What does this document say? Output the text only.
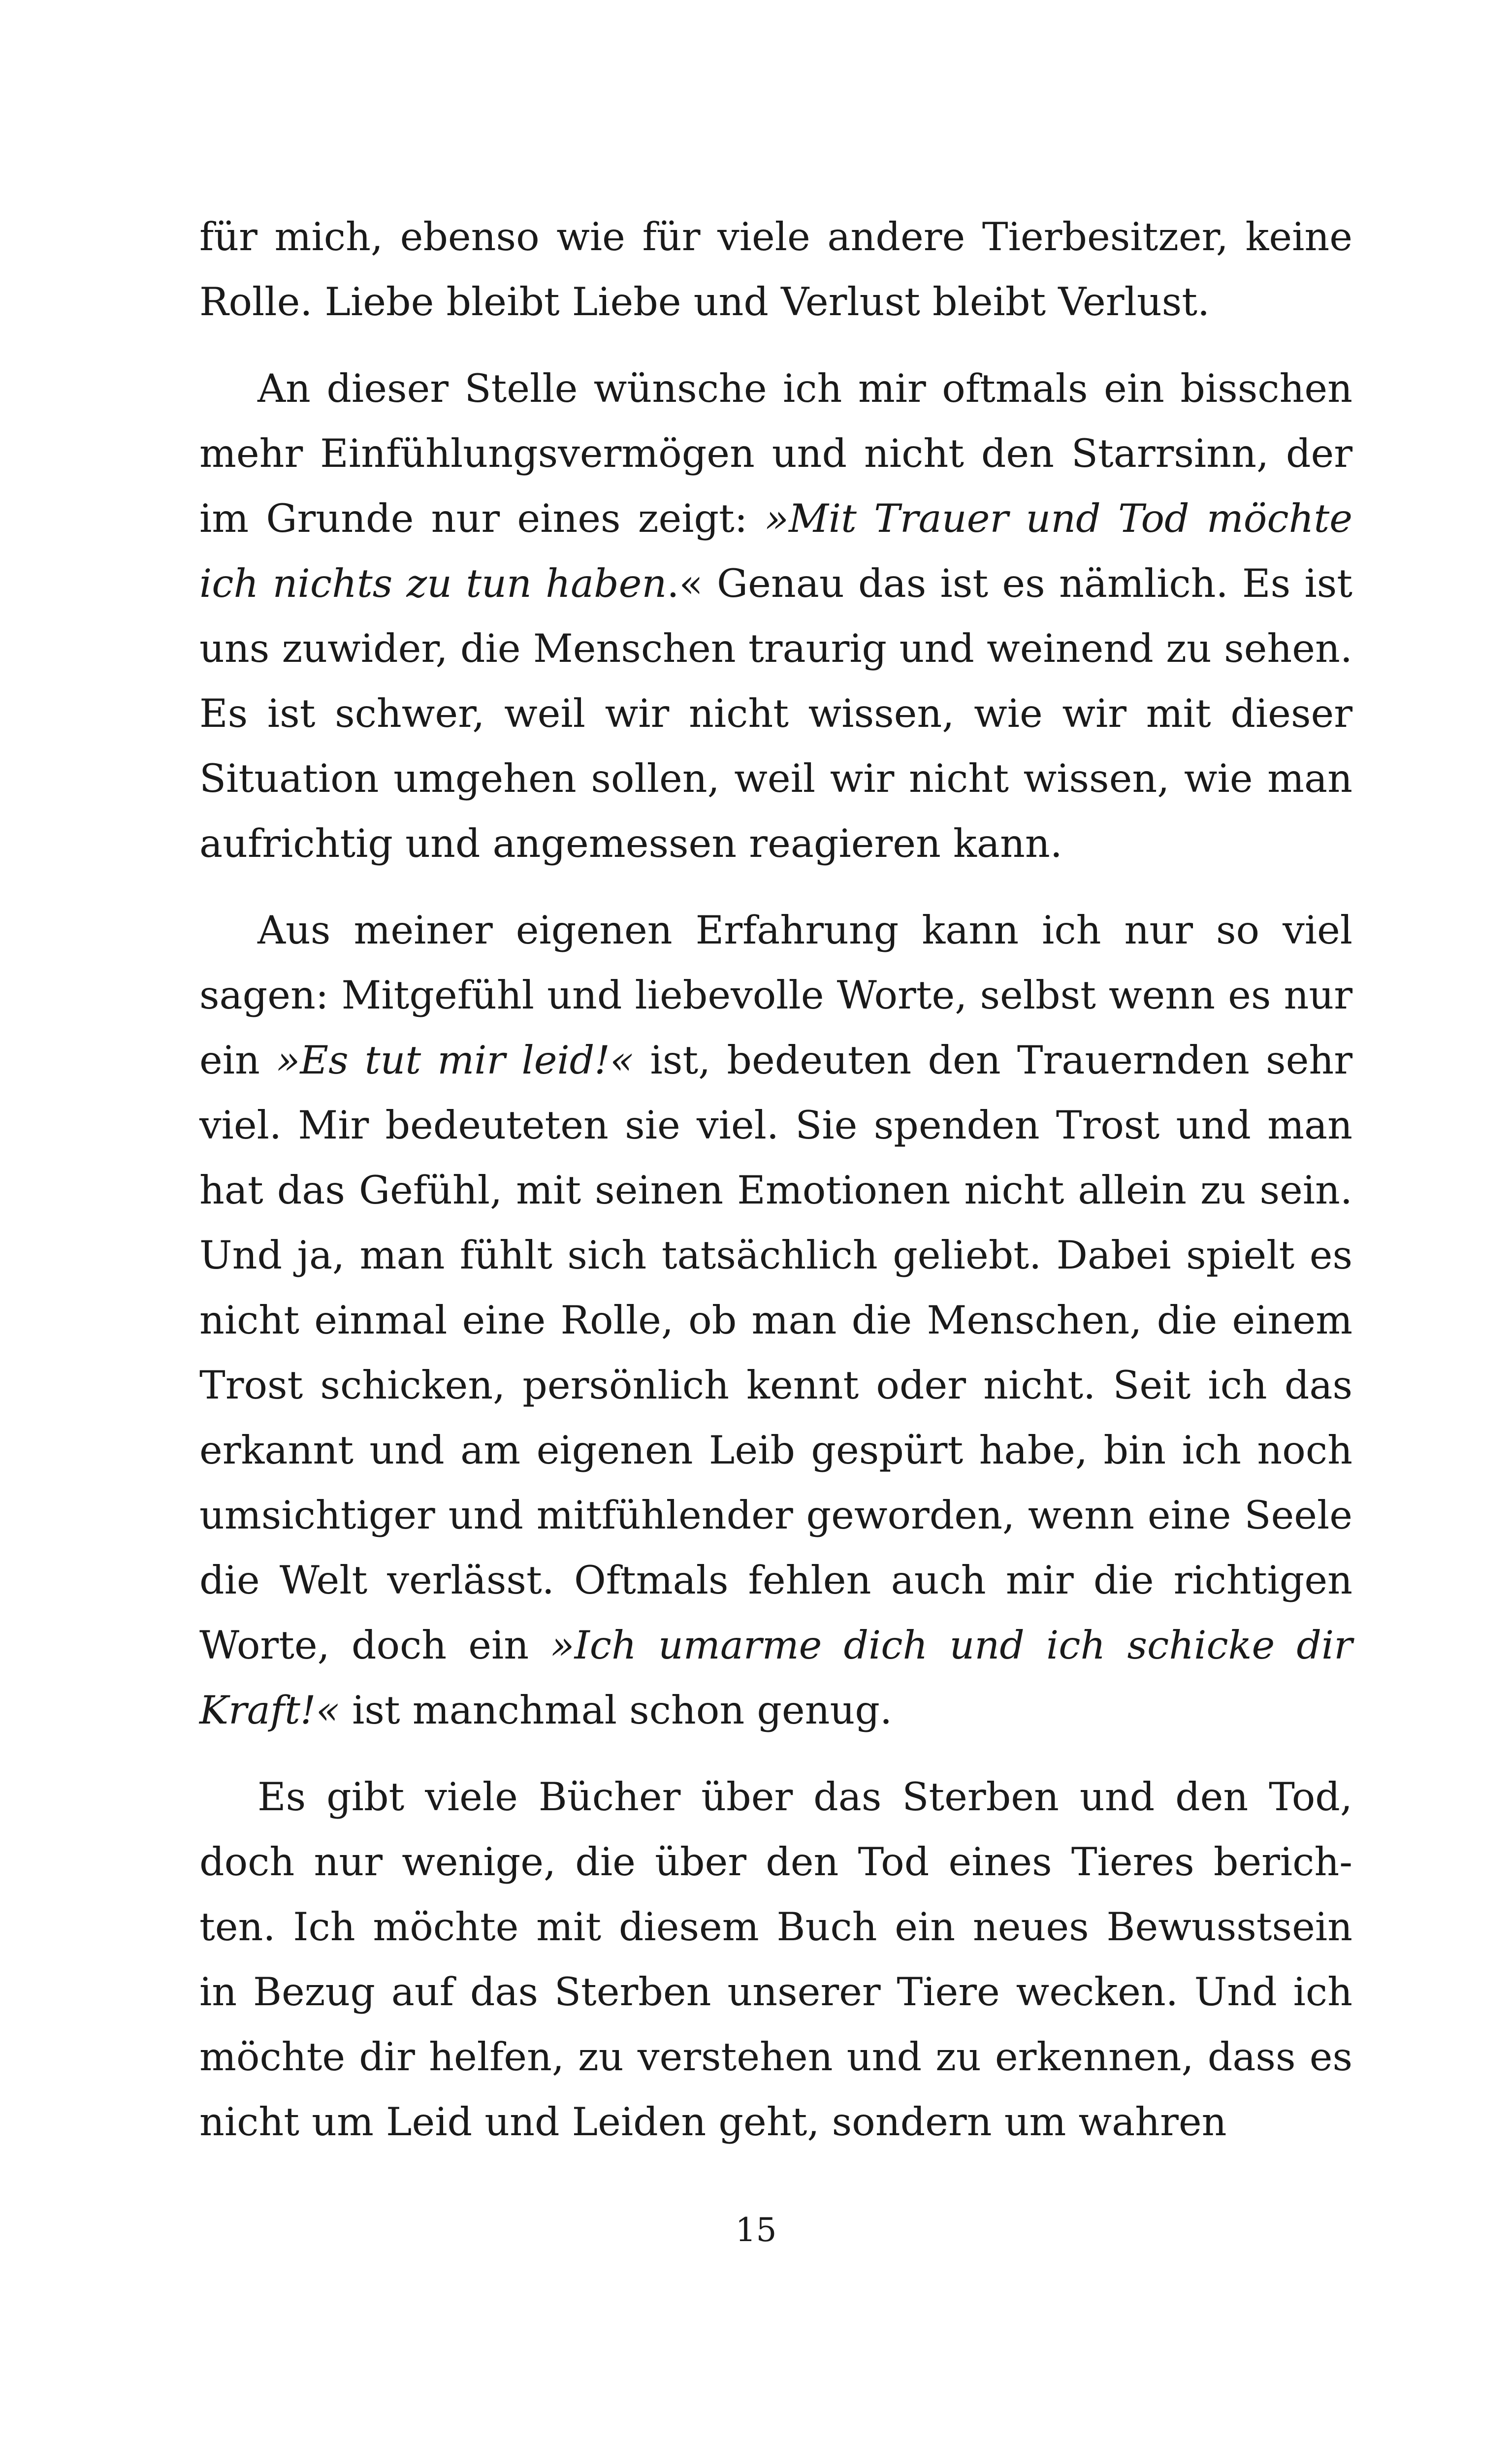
für mich, ebenso wie für viele andere Tierbesitzer, keine Rolle. Liebe bleibt Liebe und Verlust bleibt Verlust.

An dieser Stelle wünsche ich mir oftmals ein bisschen mehr Einfühlungsvermögen und nicht den Starrsinn, der im Grunde nur eines zeigt: »Mit Trauer und Tod möchte ich nichts zu tun haben.« Genau das ist es nämlich. Es ist uns zuwider, die Menschen traurig und weinend zu sehen. Es ist schwer, weil wir nicht wissen, wie wir mit dieser Situation umgehen sollen, weil wir nicht wissen, wie man aufrichtig und angemessen reagieren kann.

Aus meiner eigenen Erfahrung kann ich nur so viel sagen: Mitgefühl und liebevolle Worte, selbst wenn es nur ein »Es tut mir leid!« ist, bedeuten den Trauernden sehr viel. Mir bedeuteten sie viel. Sie spenden Trost und man hat das Gefühl, mit seinen Emotionen nicht allein zu sein. Und ja, man fühlt sich tatsächlich geliebt. Dabei spielt es nicht einmal eine Rolle, ob man die Menschen, die einem Trost schicken, persönlich kennt oder nicht. Seit ich das erkannt und am eigenen Leib gespürt habe, bin ich noch umsichtiger und mitfühlender geworden, wenn eine Seele die Welt verlässt. Oftmals fehlen auch mir die richtigen Worte, doch ein »Ich umarme dich und ich schicke dir Kraft!« ist manchmal schon genug.

Es gibt viele Bücher über das Sterben und den Tod, doch nur wenige, die über den Tod eines Tieres berichten. Ich möchte mit diesem Buch ein neues Bewusstsein in Bezug auf das Sterben unserer Tiere wecken. Und ich möchte dir helfen, zu verstehen und zu erkennen, dass es nicht um Leid und Leiden geht, sondern um wahren

15
